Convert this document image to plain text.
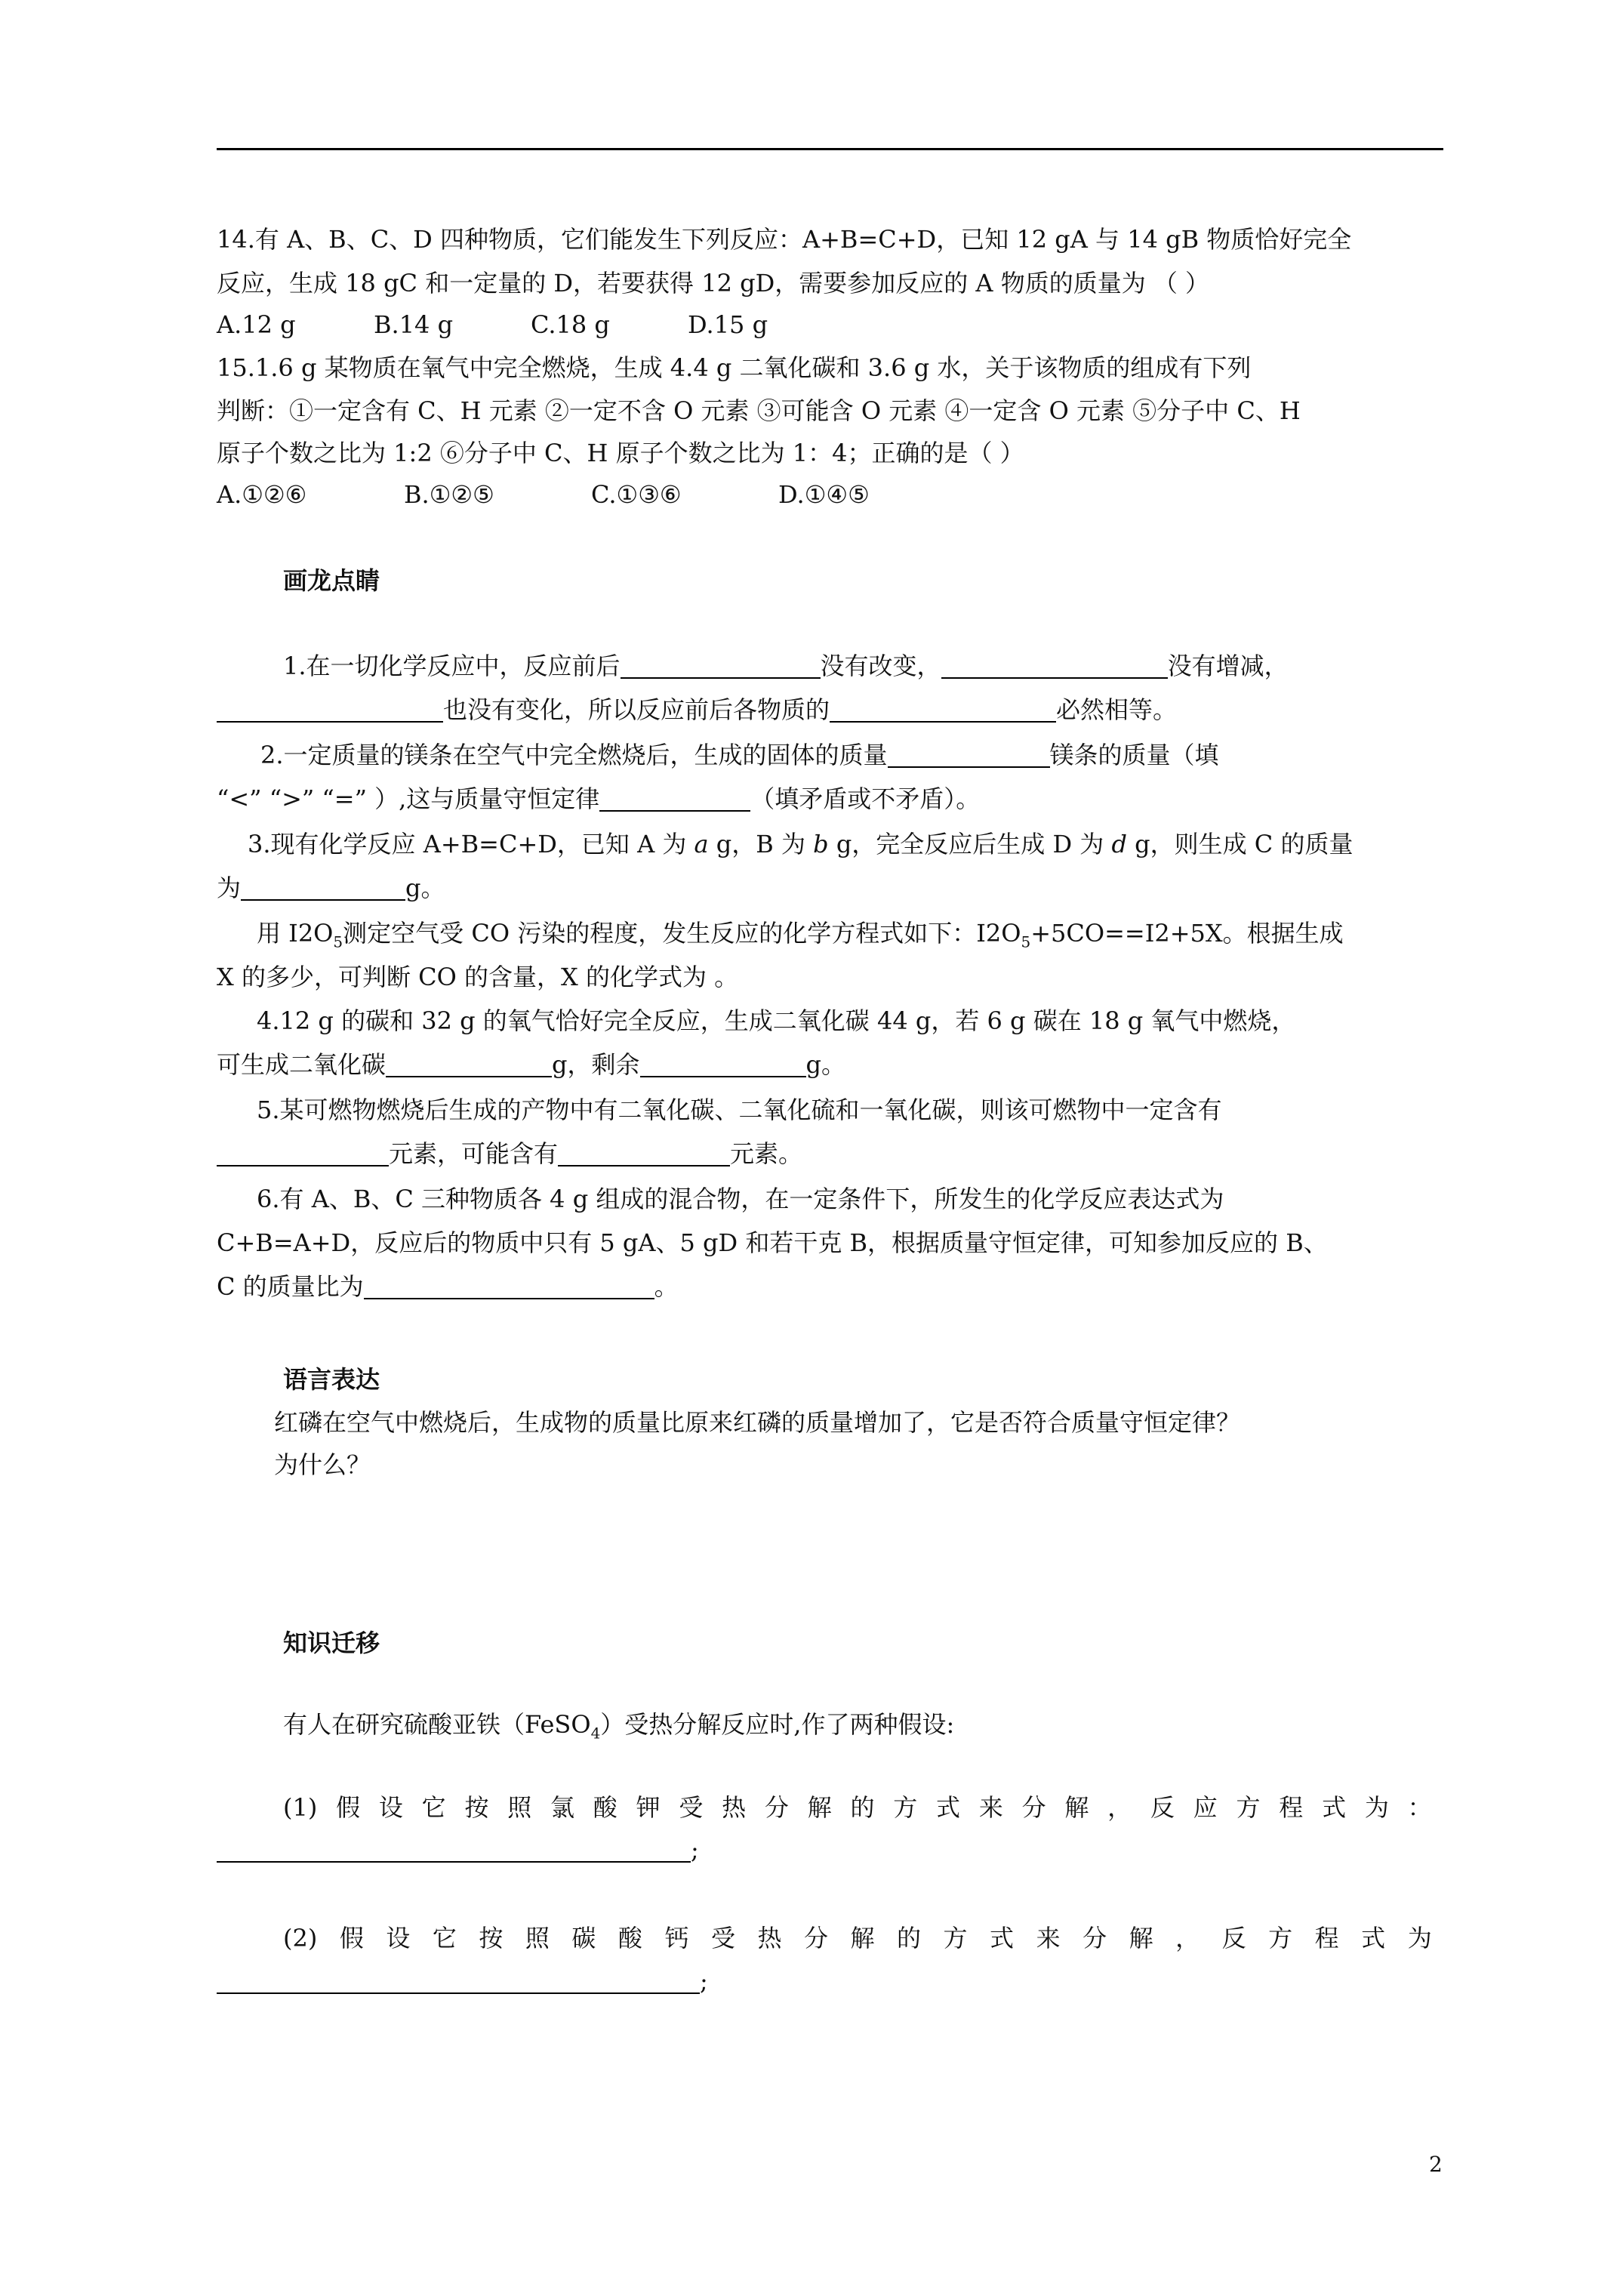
14.有 A、B、C、D 四种物质，它们能发生下列反应：A+B=C+D，已知 12 gA 与 14 gB 物质恰好完全
反应，生成 18 gC 和一定量的 D，若要获得 12 gD，需要参加反应的 A 物质的质量为 （ ）
A.12 g	B.14 g	C.18 g	D.15 g
15.1.6 g 某物质在氧气中完全燃烧，生成 4.4 g 二氧化碳和 3.6 g 水，关于该物质的组成有下列
判断：①一定含有 C、H 元素 ②一定不含 O 元素 ③可能含 O 元素 ④一定含 O 元素 ⑤分子中 C、H
原子个数之比为 1:2 ⑥分子中 C、H 原子个数之比为 1：4；正确的是（ ）
A.①②⑥	B.①②⑤	C.①③⑥	D.①④⑤
画龙点睛
1.在一切化学反应中，反应前后	没有改变，	没有增减，
也没有变化，所以反应前后各物质的	必然相等。
2.一定质量的镁条在空气中完全燃烧后，生成的固体的质量	镁条的质量（填
“<” “>” “=” ）,这与质量守恒定律	（填矛盾或不矛盾）。
3.现有化学反应 A+B=C+D，已知 A 为 a g，B 为 b g，完全反应后生成 D 为 d g，则生成 C 的质量
为	g。
用 $I2O_5$测定空气受 CO 污染的程度，发生反应的化学方程式如下：$I2O_5+5CO==I2+5X$。根据生成
X 的多少，可判断 CO 的含量，X 的化学式为 。
4.12 g 的碳和 32 g 的氧气恰好完全反应，生成二氧化碳 44 g，若 6 g 碳在 18 g 氧气中燃烧，
可生成二氧化碳	g，剩余	g。
5.某可燃物燃烧后生成的产物中有二氧化碳、二氧化硫和一氧化碳，则该可燃物中一定含有
元素，可能含有	元素。
6.有 A、B、C 三种物质各 4 g 组成的混合物，在一定条件下，所发生的化学反应表达式为
C+B=A+D，反应后的物质中只有 5 gA、5 gD 和若干克 B，根据质量守恒定律，可知参加反应的 B、
C 的质量比为	。
语言表达
红磷在空气中燃烧后，生成物的质量比原来红磷的质量增加了，它是否符合质量守恒定律？
为什么？
知识迁移
有人在研究硫酸亚铁（FeSO$_4$）受热分解反应时,作了两种假设:
(1) 假 设 它 按 照 氯 酸 钾 受 热 分 解 的 方 式 来 分 解 ， 反 应 方 程 式 为 ：
;
(2) 假 设 它 按 照 碳 酸 钙 受 热 分 解 的 方 式 来 分 解 ， 反 方 程 式 为
;
2
